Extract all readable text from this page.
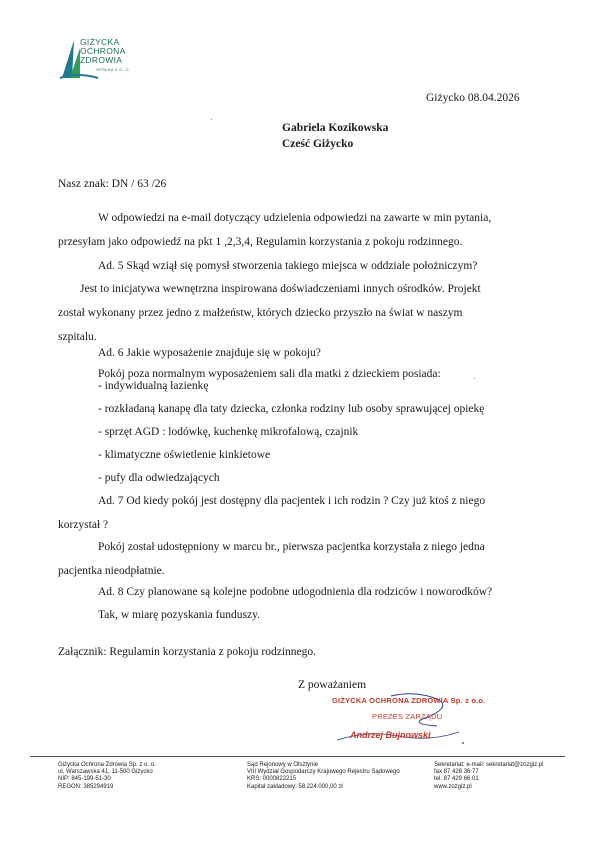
GIŻYCKA
OCHRONA
ZDROWIA
SPÓŁKA Z O. O.
Giżycko 08.04.2026
Gabriela Kozikowska
Cześć Giżycko
Nasz znak: DN / 63 /26
W odpowiedzi na e-mail dotyczący udzielenia odpowiedzi na zawarte w min pytania,
przesyłam jako odpowiedź na pkt 1 ,2,3,4, Regulamin korzystania z pokoju rodzinnego.
Ad. 5 Skąd wziął się pomysł stworzenia takiego miejsca w oddziale położniczym?
Jest to inicjatywa wewnętrzna inspirowana doświadczeniami innych ośrodków. Projekt
został wykonany przez jedno z małżeństw, których dziecko przyszło na świat w naszym
szpitalu.
Ad. 6 Jakie wyposażenie znajduje się w pokoju?
Pokój poza normalnym wyposażeniem sali dla matki z dzieckiem posiada:
- indywidualną łazienkę
- rozkładaną kanapę dla taty dziecka, członka rodziny lub osoby sprawującej opiekę
- sprzęt AGD : lodówkę, kuchenkę mikrofalową, czajnik
- klimatyczne oświetlenie kinkietowe
- pufy dla odwiedzających
Ad. 7 Od kiedy pokój jest dostępny dla pacjentek i ich rodzin ? Czy już ktoś z niego
korzystał ?
Pokój został udostępniony w marcu br., pierwsza pacjentka korzystała z niego jedna
pacjentka nieodpłatnie.
Ad. 8 Czy planowane są kolejne podobne udogodnienia dla rodziców i noworodków?
Tak, w miarę pozyskania funduszy.
Załącznik: Regulamin korzystania z pokoju rodzinnego.
Z poważaniem
GIŻYCKA OCHRONA ZDROWIA Sp. z o.o.
PREZES ZARZĄDU
Andrzej Bujnowski
Giżycka Ochrona Zdrowia Sp. z o. o.
ul. Warszawska 41, 11-500 Giżycko
NIP: 845-199-51-30
REGON: 385294919
Sąd Rejonowy w Olsztynie
VIII Wydział Gospodarczy Krajowego Rejestru Sądowego
KRS: 0000822215
Kapitał zakładowy: 58.224.000,00 zł
Sekretariat: e-mail: sekretariat@zozgiz.pl
fax 87 428 36 77
tel. 87 429 66 01
www.zozgiz.pl
